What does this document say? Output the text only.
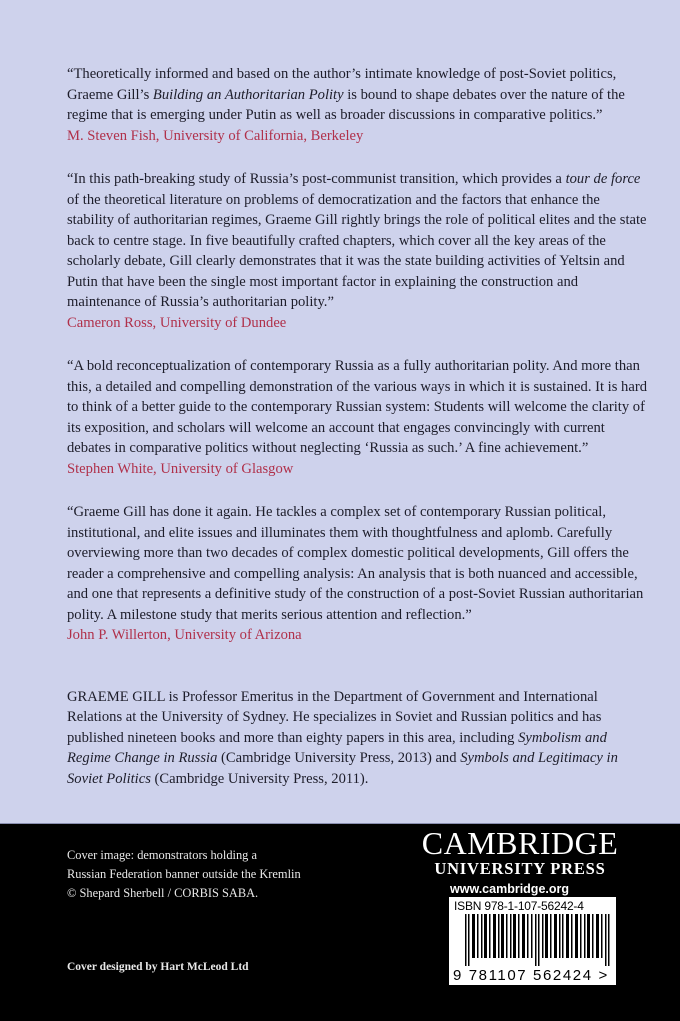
“Theoretically informed and based on the author’s intimate knowledge of post-Soviet politics, Graeme Gill’s Building an Authoritarian Polity is bound to shape debates over the nature of the regime that is emerging under Putin as well as broader discussions in comparative politics.”

M. Steven Fish, University of California, Berkeley

“In this path-breaking study of Russia’s post-communist transition, which provides a tour de force of the theoretical literature on problems of democratization and the factors that enhance the stability of authoritarian regimes, Graeme Gill rightly brings the role of political elites and the state back to centre stage. In five beautifully crafted chapters, which cover all the key areas of the scholarly debate, Gill clearly demonstrates that it was the state building activities of Yeltsin and Putin that have been the single most important factor in explaining the construction and maintenance of Russia’s authoritarian polity.”

Cameron Ross, University of Dundee

“A bold reconceptualization of contemporary Russia as a fully authoritarian polity. And more than this, a detailed and compelling demonstration of the various ways in which it is sustained. It is hard to think of a better guide to the contemporary Russian system: Students will welcome the clarity of its exposition, and scholars will welcome an account that engages convincingly with current debates in comparative politics without neglecting ‘Russia as such.’ A fine achievement.”

Stephen White, University of Glasgow

“Graeme Gill has done it again. He tackles a complex set of contemporary Russian political, institutional, and elite issues and illuminates them with thoughtfulness and aplomb. Carefully overviewing more than two decades of complex domestic political developments, Gill offers the reader a comprehensive and compelling analysis: An analysis that is both nuanced and accessible, and one that represents a definitive study of the construction of a post-Soviet Russian authoritarian polity. A milestone study that merits serious attention and reflection.”

John P. Willerton, University of Arizona

GRAEME GILL is Professor Emeritus in the Department of Government and International Relations at the University of Sydney. He specializes in Soviet and Russian politics and has published nineteen books and more than eighty papers in this area, including Symbolism and Regime Change in Russia (Cambridge University Press, 2013) and Symbols and Legitimacy in Soviet Politics (Cambridge University Press, 2011).

Cover image: demonstrators holding a
Russian Federation banner outside the Kremlin
© Shepard Sherbell / CORBIS SABA.
Cover designed by Hart McLeod Ltd
CAMBRIDGE
UNIVERSITY PRESS
www.cambridge.org
ISBN 978-1-107-56242-4
9 781107 562424 >
